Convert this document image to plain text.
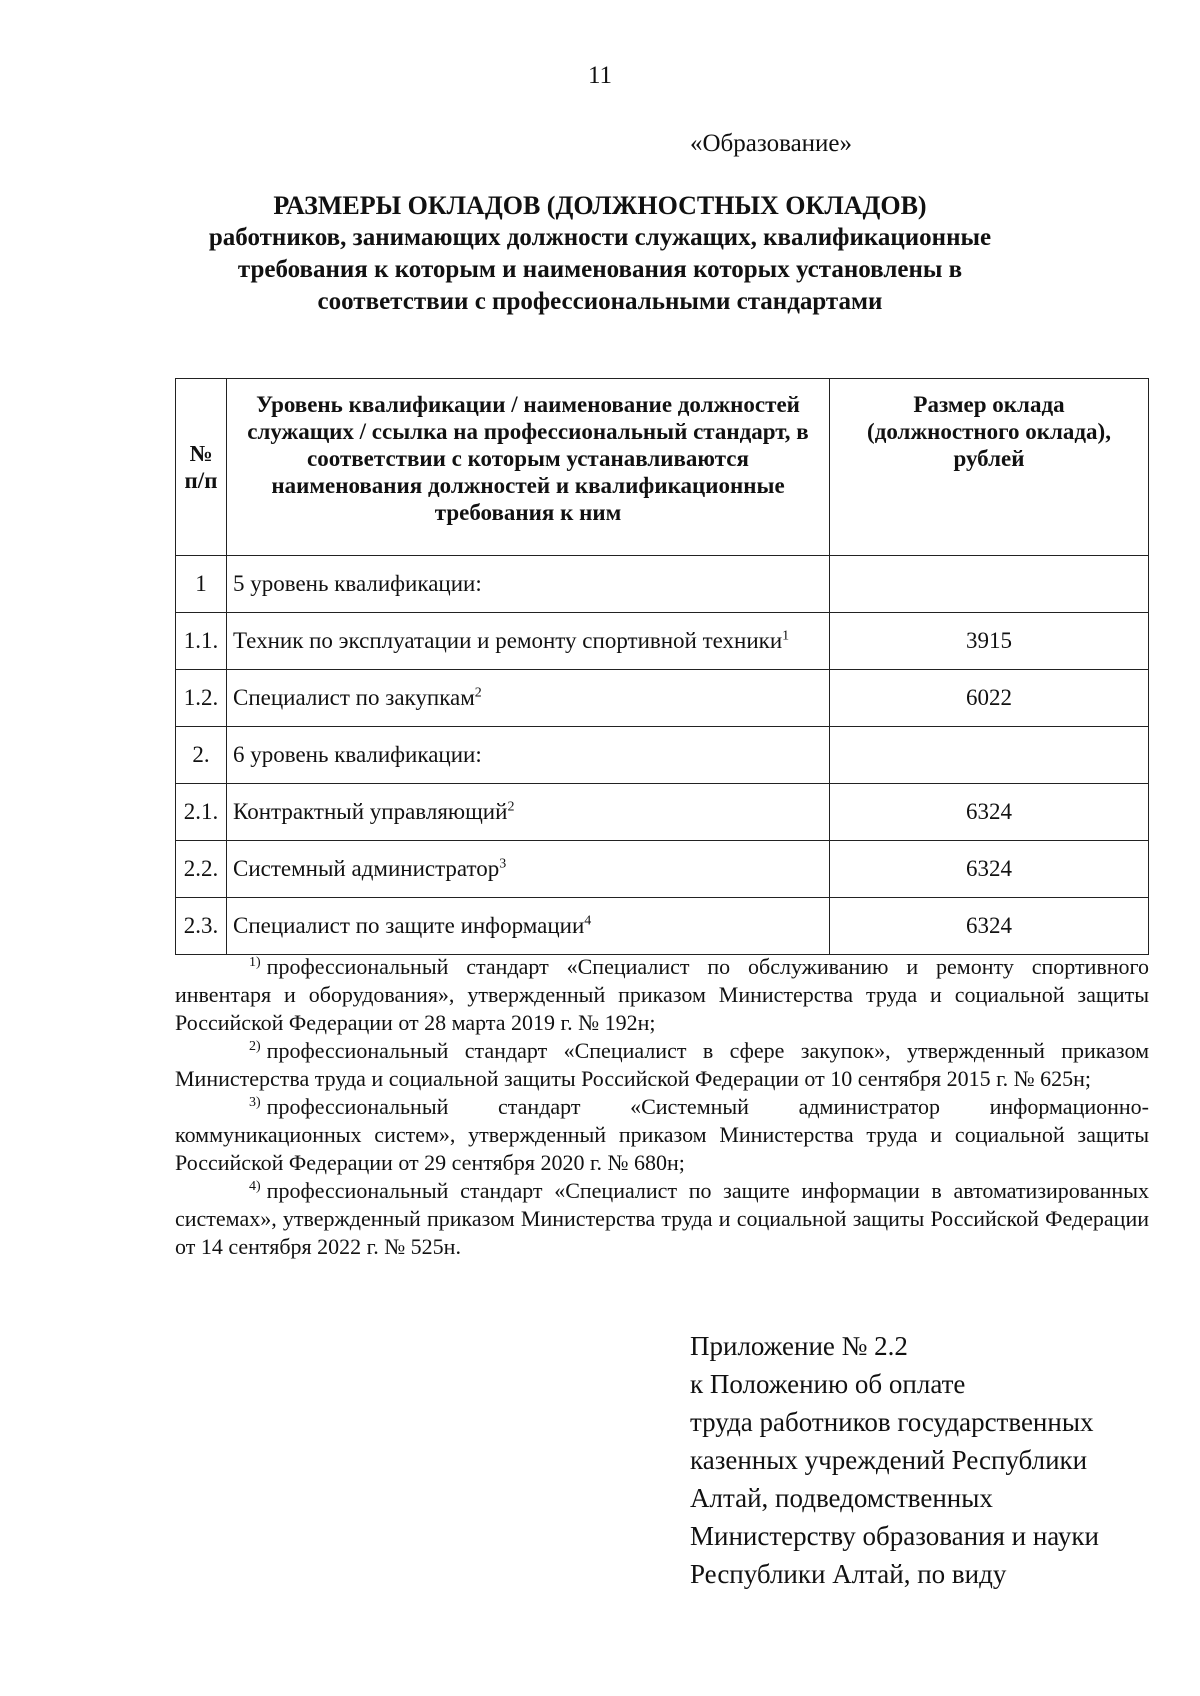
11
«Образование»
РАЗМЕРЫ ОКЛАДОВ (ДОЛЖНОСТНЫХ ОКЛАДОВ)
работников, занимающих должности служащих, квалификационные
требования к которым и наименования которых установлены в
соответствии с профессиональными стандартами
№ п/п	Уровень квалификации / наименование должностей служащих / ссылка на профессиональный стандарт, в соответствии с которым устанавливаются наименования должностей и квалификационные требования к ним	Размер оклада (должностного оклада), рублей
1	5 уровень квалификации:	
1.1.	Техник по эксплуатации и ремонту спортивной техники$^1$	3915
1.2.	Специалист по закупкам$^2$	6022
2.	6 уровень квалификации:	
2.1.	Контрактный управляющий$^2$	6324
2.2.	Системный администратор$^3$	6324
2.3.	Специалист по защите информации$^4$	6324

$^{1)}$ профессиональный стандарт «Специалист по обслуживанию и ремонту спортивного инвентаря и оборудования», утвержденный приказом Министерства труда и социальной защиты Российской Федерации от 28 марта 2019 г. № 192н;

$^{2)}$ профессиональный стандарт «Специалист в сфере закупок», утвержденный приказом Министерства труда и социальной защиты Российской Федерации от 10 сентября 2015 г. № 625н;

$^{3)}$ профессиональный стандарт «Системный администратор информационно-коммуникационных систем», утвержденный приказом Министерства труда и социальной защиты Российской Федерации от 29 сентября 2020 г. № 680н;

$^{4)}$ профессиональный стандарт «Специалист по защите информации в автоматизированных системах», утвержденный приказом Министерства труда и социальной защиты Российской Федерации от 14 сентября 2022 г. № 525н.

Приложение № 2.2
к Положению об оплате
труда работников государственных
казенных учреждений Республики
Алтай, подведомственных
Министерству образования и науки
Республики Алтай, по виду
